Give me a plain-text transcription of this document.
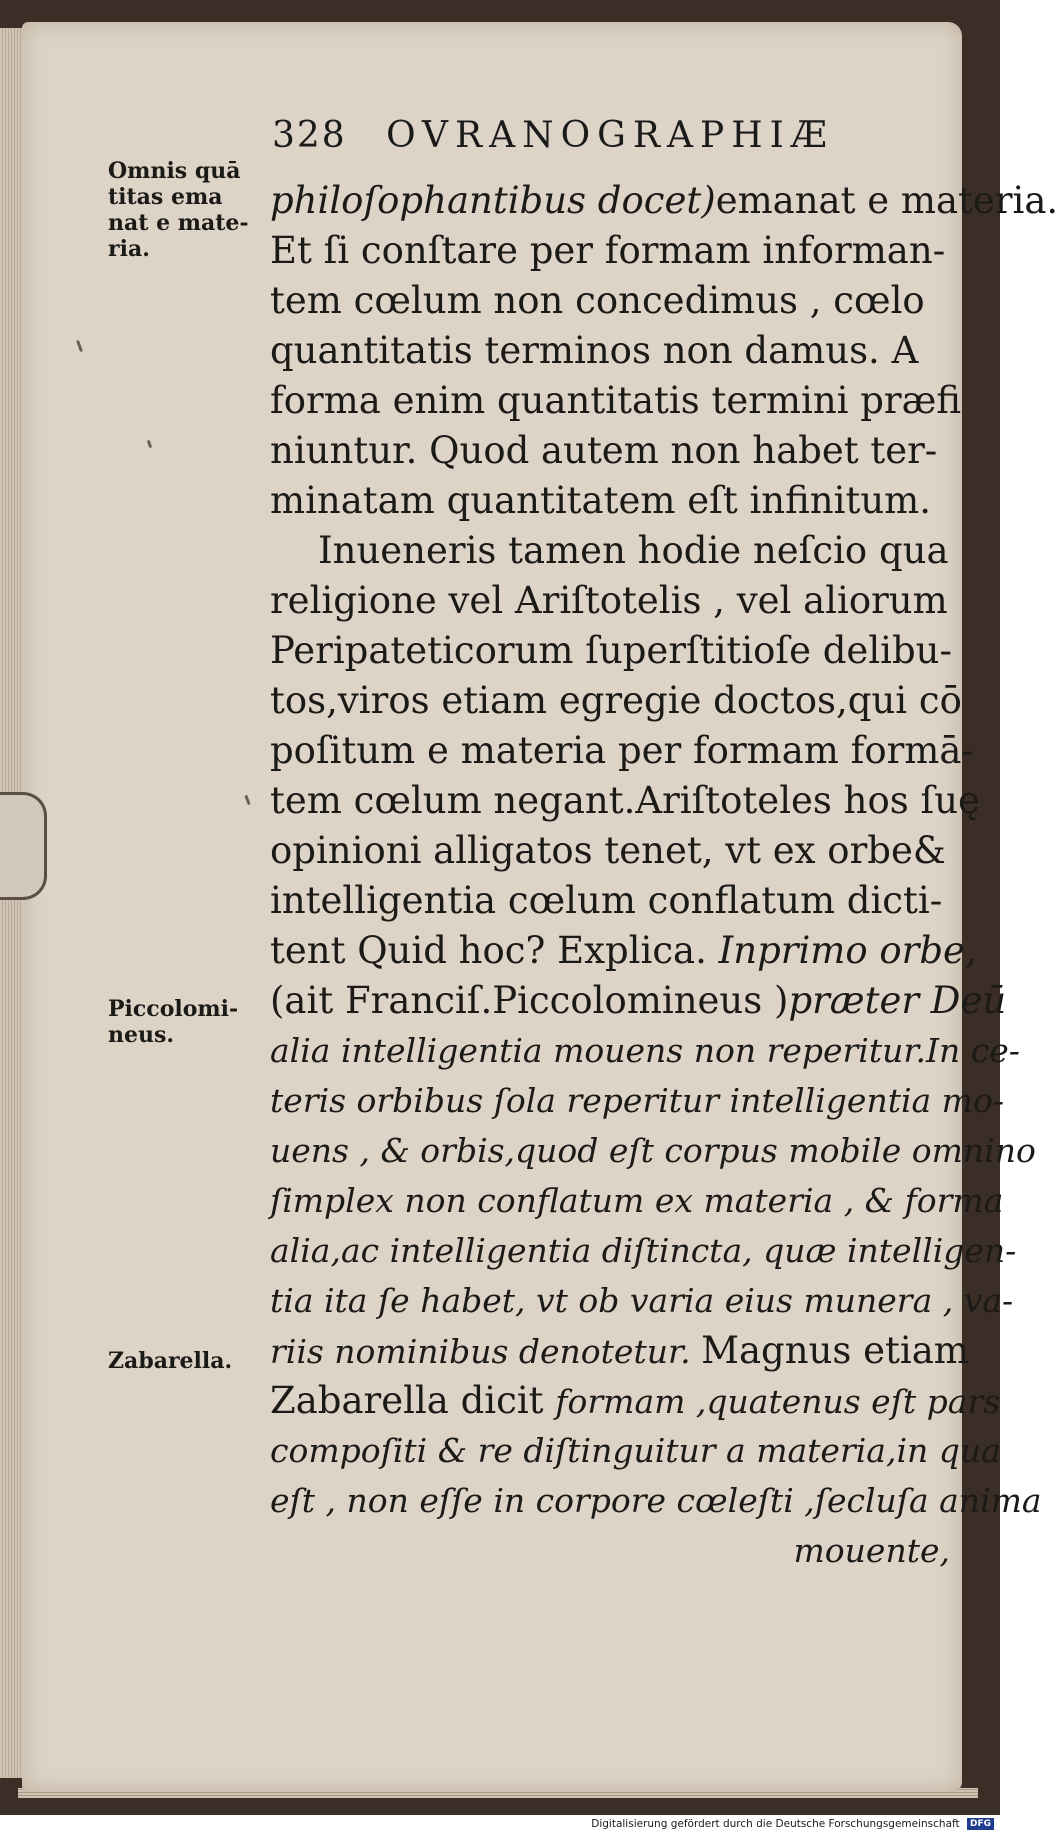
328 OVRANOGRAPHIÆ
Omnis quā
titas ema
nat e mate-
ria.
Piccolomi-
neus.
Zabarella.
philoſophantibus docet)emanat e materia.
Et ſi conſtare per formam informan-
tem cœlum non concedimus , cœlo
quantitatis terminos non damus. A
forma enim quantitatis termini præfi
niuntur. Quod autem non habet ter-
minatam quantitatem eſt infinitum.
Inueneris tamen hodie neſcio qua
religione vel Ariſtotelis , vel aliorum
Peripateticorum ſuperſtitioſe delibu-
tos,viros etiam egregie doctos,qui cō
poſitum e materia per formam formā-
tem cœlum negant.Ariſtoteles hos ſuę
opinioni alligatos tenet, vt ex orbe&
intelligentia cœlum conflatum dicti-
tent Quid hoc? Explica. Inprimo orbe,
(ait Franciſ.Piccolomineus )præter Deū
alia intelligentia mouens non reperitur.In ce-
teris orbibus ſola reperitur intelligentia mo-
uens , & orbis,quod eſt corpus mobile omnino
ſimplex non conflatum ex materia , & forma
alia,ac intelligentia diſtincta, quæ intelligen-
tia ita ſe habet, vt ob varia eius munera , va-
riis nominibus denotetur. Magnus etiam
Zabarella dicit formam ,quatenus eſt pars
compoſiti & re diſtinguitur a materia,in qua
eſt , non eſſe in corpore cœleſti ,ſecluſa anima
mouente,
Digitalisierung gefördert durch die Deutsche Forschungsgemeinschaft DFG
